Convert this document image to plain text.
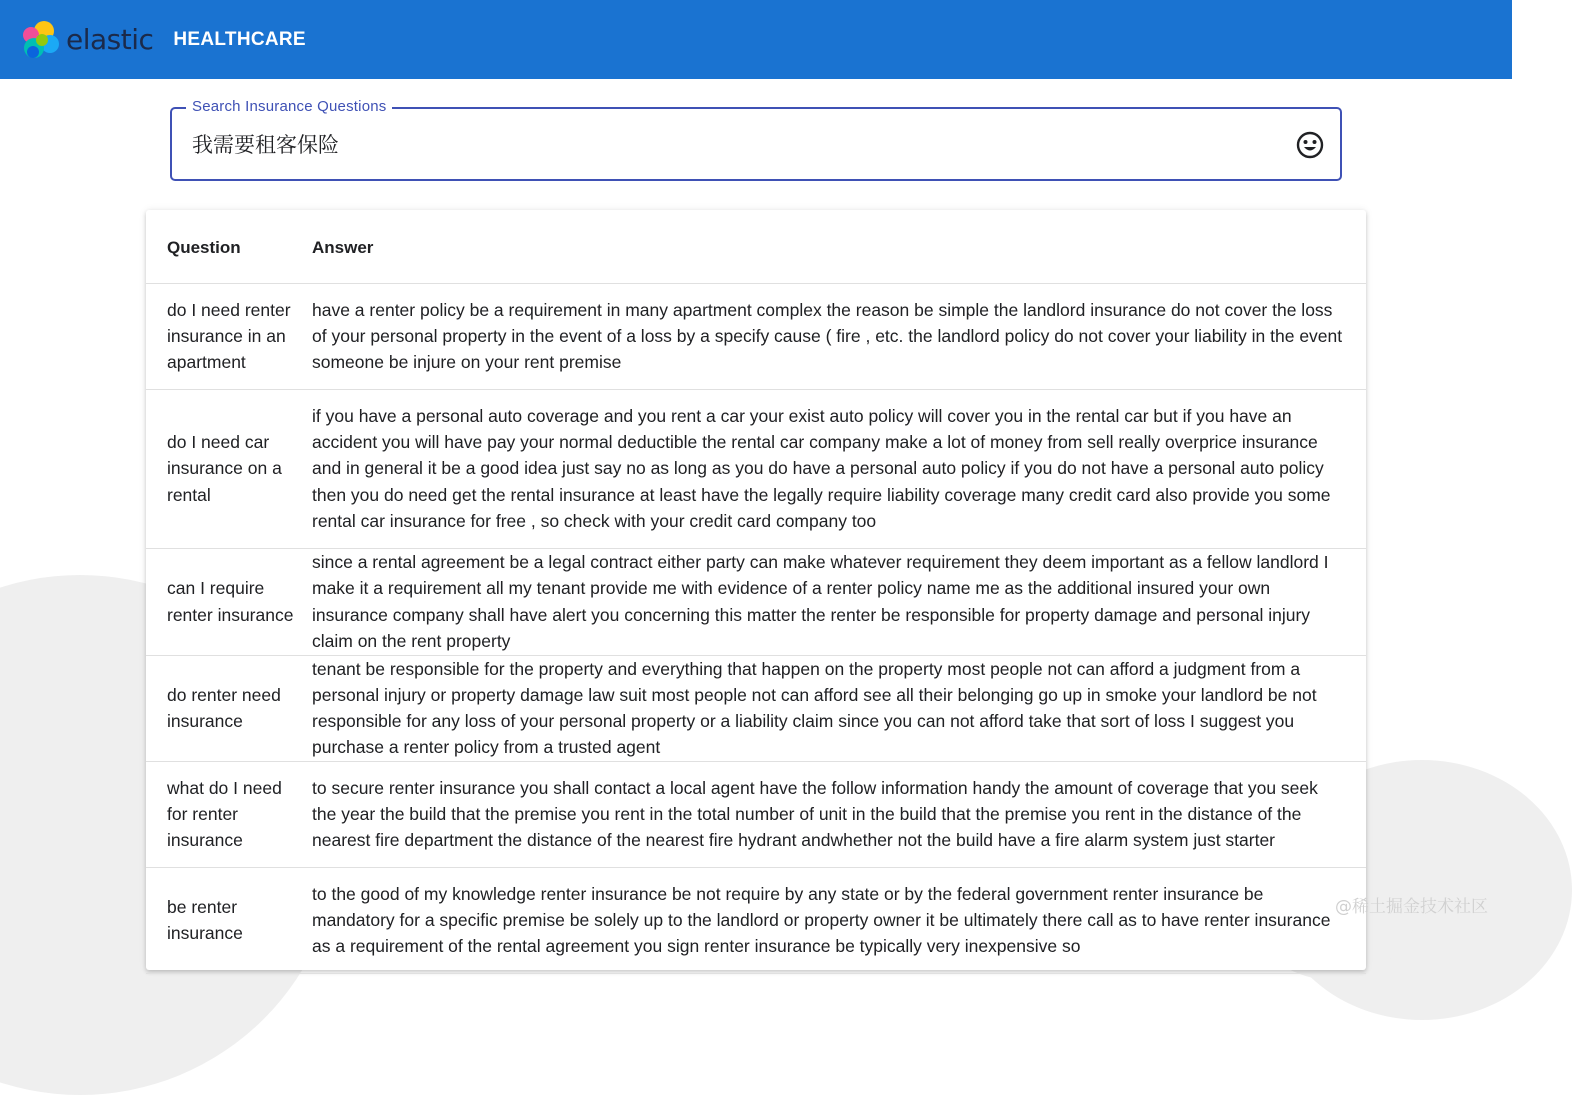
elastic HEALTHCARE
Search Insurance Questions
我需要租客保险
Question	Answer
do I need renter insurance in an apartment	have a renter policy be a requirement in many apartment complex the reason be simple the landlord insurance do not cover the loss of your personal property in the event of a loss by a specify cause ( fire , etc. the landlord policy do not cover your liability in the event someone be injure on your rent premise
do I need car insurance on a rental	if you have a personal auto coverage and you rent a car your exist auto policy will cover you in the rental car but if you have an accident you will have pay your normal deductible the rental car company make a lot of money from sell really overprice insurance and in general it be a good idea just say no as long as you do have a personal auto policy if you do not have a personal auto policy then you do need get the rental insurance at least have the legally require liability coverage many credit card also provide you some rental car insurance for free , so check with your credit card company too
can I require renter insurance	since a rental agreement be a legal contract either party can make whatever requirement they deem important as a fellow landlord I make it a requirement all my tenant provide me with evidence of a renter policy name me as the additional insured your own insurance company shall have alert you concerning this matter the renter be responsible for property damage and personal injury claim on the rent property
do renter need insurance	tenant be responsible for the property and everything that happen on the property most people not can afford a judgment from a personal injury or property damage law suit most people not can afford see all their belonging go up in smoke your landlord be not responsible for any loss of your personal property or a liability claim since you can not afford take that sort of loss I suggest you purchase a renter policy from a trusted agent
what do I need for renter insurance	to secure renter insurance you shall contact a local agent have the follow information handy the amount of coverage that you seek the year the build that the premise you rent in the total number of unit in the build that the premise you rent in the distance of the nearest fire department the distance of the nearest fire hydrant andwhether not the build have a fire alarm system just starter
be renter insurance	to the good of my knowledge renter insurance be not require by any state or by the federal government renter insurance be mandatory for a specific premise be solely up to the landlord or property owner it be ultimately there call as to have renter insurance as a requirement of the rental agreement you sign renter insurance be typically very inexpensive so
@稀土掘金技术社区
